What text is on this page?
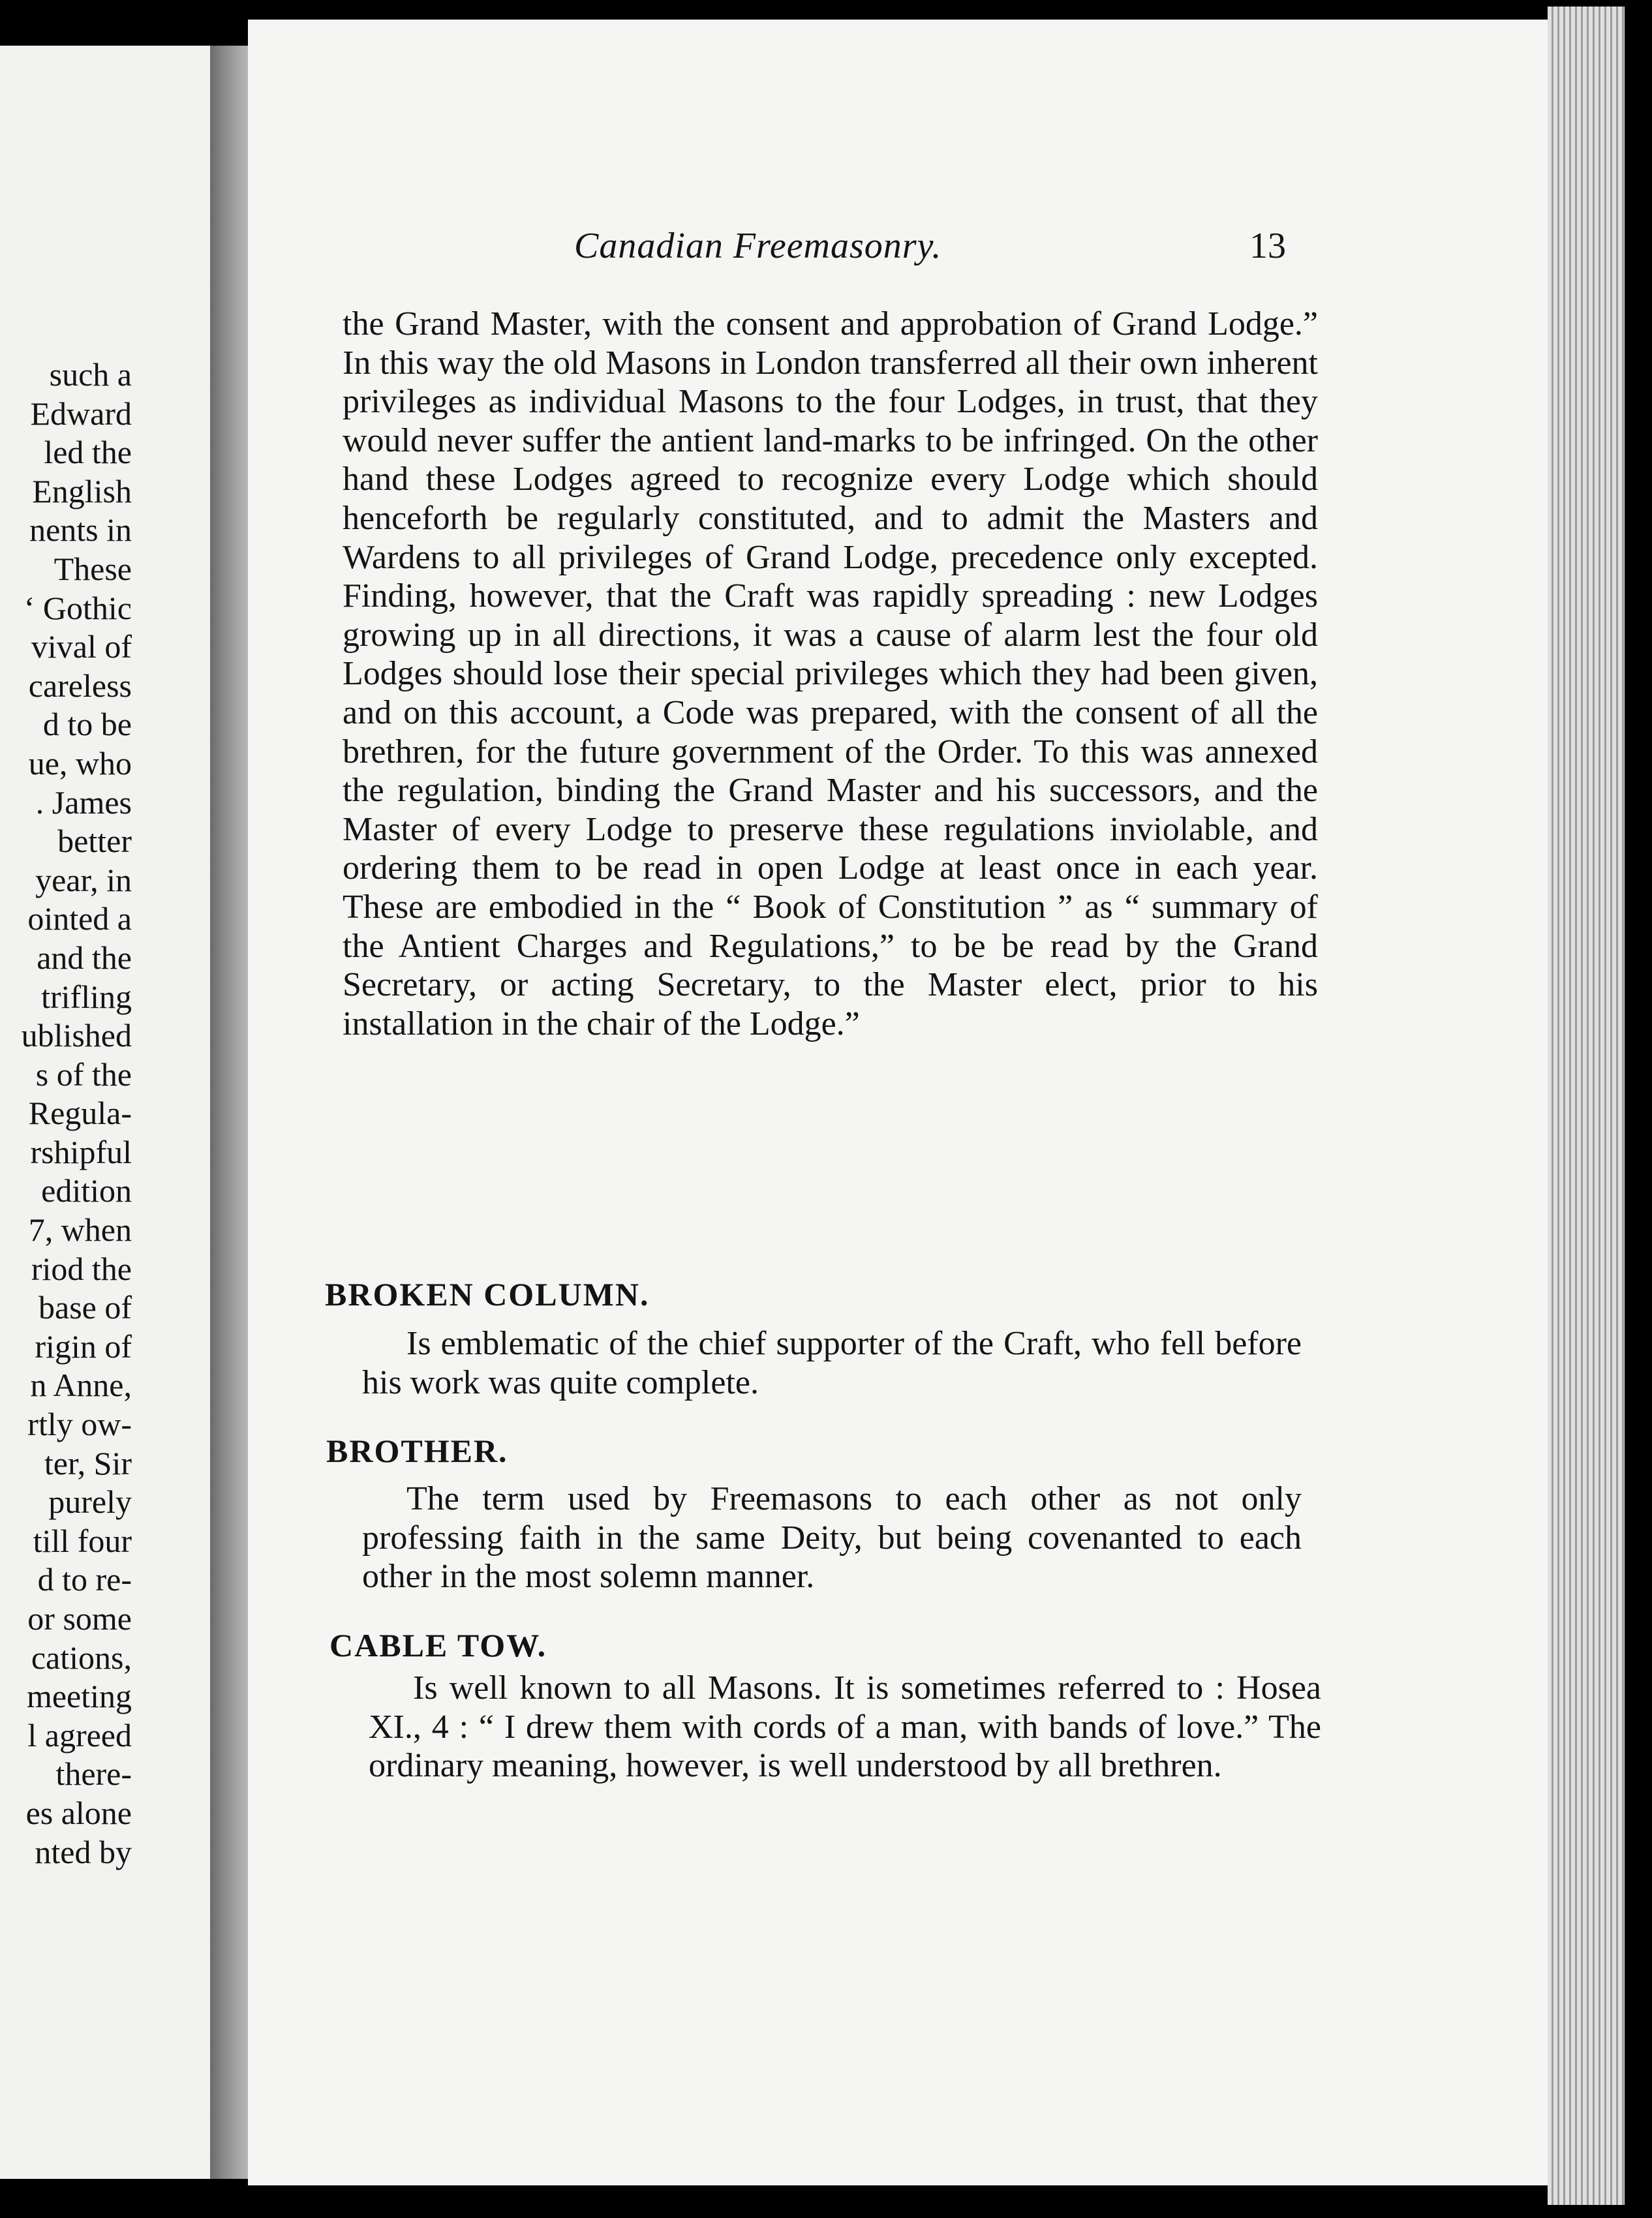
such a
Edward
led the
English
nents in
These
‘ Gothic
vival of
careless
d to be
ue, who
. James
better
year, in
ointed a
and the
trifling
ublished
s of the
Regula-
rshipful
edition
7, when
riod the
base of
rigin of
n Anne,
rtly ow-
ter, Sir
purely
till four
d to re-
or some
cations,
meeting
l agreed
there-
es alone
nted by
Canadian Freemasonry.	13

the Grand Master, with the consent and approbation of Grand Lodge.” In this way the old Masons in London transferred all their own inherent privileges as individual Masons to the four Lodges, in trust, that they would never suffer the antient land-marks to be infringed. On the other hand these Lodges agreed to recognize every Lodge which should henceforth be regularly constituted, and to admit the Masters and Wardens to all privileges of Grand Lodge, precedence only excepted. Finding, however, that the Craft was rapidly spreading : new Lodges growing up in all directions, it was a cause of alarm lest the four old Lodges should lose their special privileges which they had been given, and on this account, a Code was prepared, with the consent of all the brethren, for the future government of the Order. To this was annexed the regulation, binding the Grand Master and his successors, and the Master of every Lodge to preserve these regulations inviolable, and ordering them to be read in open Lodge at least once in each year. These are embodied in the “ Book of Constitution ” as “ summary of the Antient Charges and Regulations,” to be be read by the Grand Secretary, or acting Secretary, to the Master elect, prior to his installation in the chair of the Lodge.”

BROKEN COLUMN.

Is emblematic of the chief supporter of the Craft, who fell before his work was quite complete.

BROTHER.

The term used by Freemasons to each other as not only professing faith in the same Deity, but being covenanted to each other in the most solemn manner.

CABLE TOW.

Is well known to all Masons. It is sometimes referred to : Hosea XI., 4 : “ I drew them with cords of a man, with bands of love.” The ordinary meaning, however, is well understood by all brethren.
